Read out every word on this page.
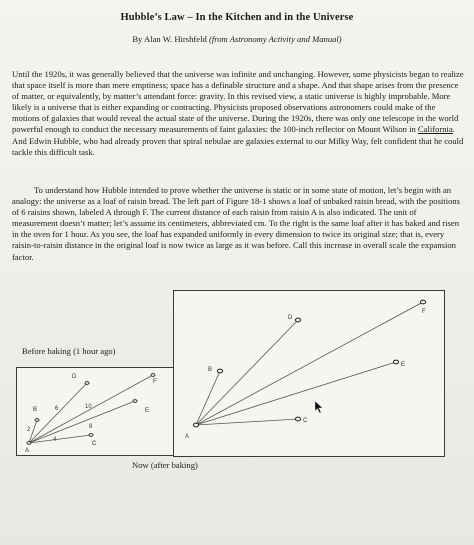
Hubble’s Law – In the Kitchen and in the Universe
By Alan W. Hirshfeld (from Astronomy Activity and Manual)
Until the 1920s, it was generally believed that the universe was infinite and unchanging. However, some physicists began to realize that space itself is more than mere emptiness; space has a definable structure and a shape. And that shape arises from the presence of matter, or equivalently, by matter’s attendant force: gravity. In this revised view, a static universe is highly improbable. More likely is a universe that is either expanding or contracting. Physicists proposed observations astronomers could make of the motions of galaxies that would reveal the actual state of the universe. During the 1920s, there was only one telescope in the world powerful enough to conduct the necessary measurements of faint galaxies: the 100-inch reflector on Mount Wilson in California. And Edwin Hubble, who had already proven that spiral nebulae are galaxies external to our Milky Way, felt confident that he could tackle this difficult task.
To understand how Hubble intended to prove whether the universe is static or in some state of motion, let’s begin with an analogy: the universe as a loaf of raisin bread. The left part of Figure 18-1 shows a loaf of unbaked raisin bread, with the positions of 6 raisins shown, labeled A through F. The current distance of each raisin from raisin A is also indicated. The unit of measurement doesn’t matter; let’s assume its centimeters, abbreviated cm. To the right is the same loaf after it has baked and risen in the oven for 1 hour. As you see, the loaf has expanded uniformly in every dimension to twice its original size; that is, every raisin-to-raisin distance in the original loaf is now twice as large as it was before. Call this increase in overall scale the expansion factor.
Before baking (1 hour ago)
A
B
C
D
E
F
2
4
6	10
8
A
B
C
D
E
F
Now (after baking)
